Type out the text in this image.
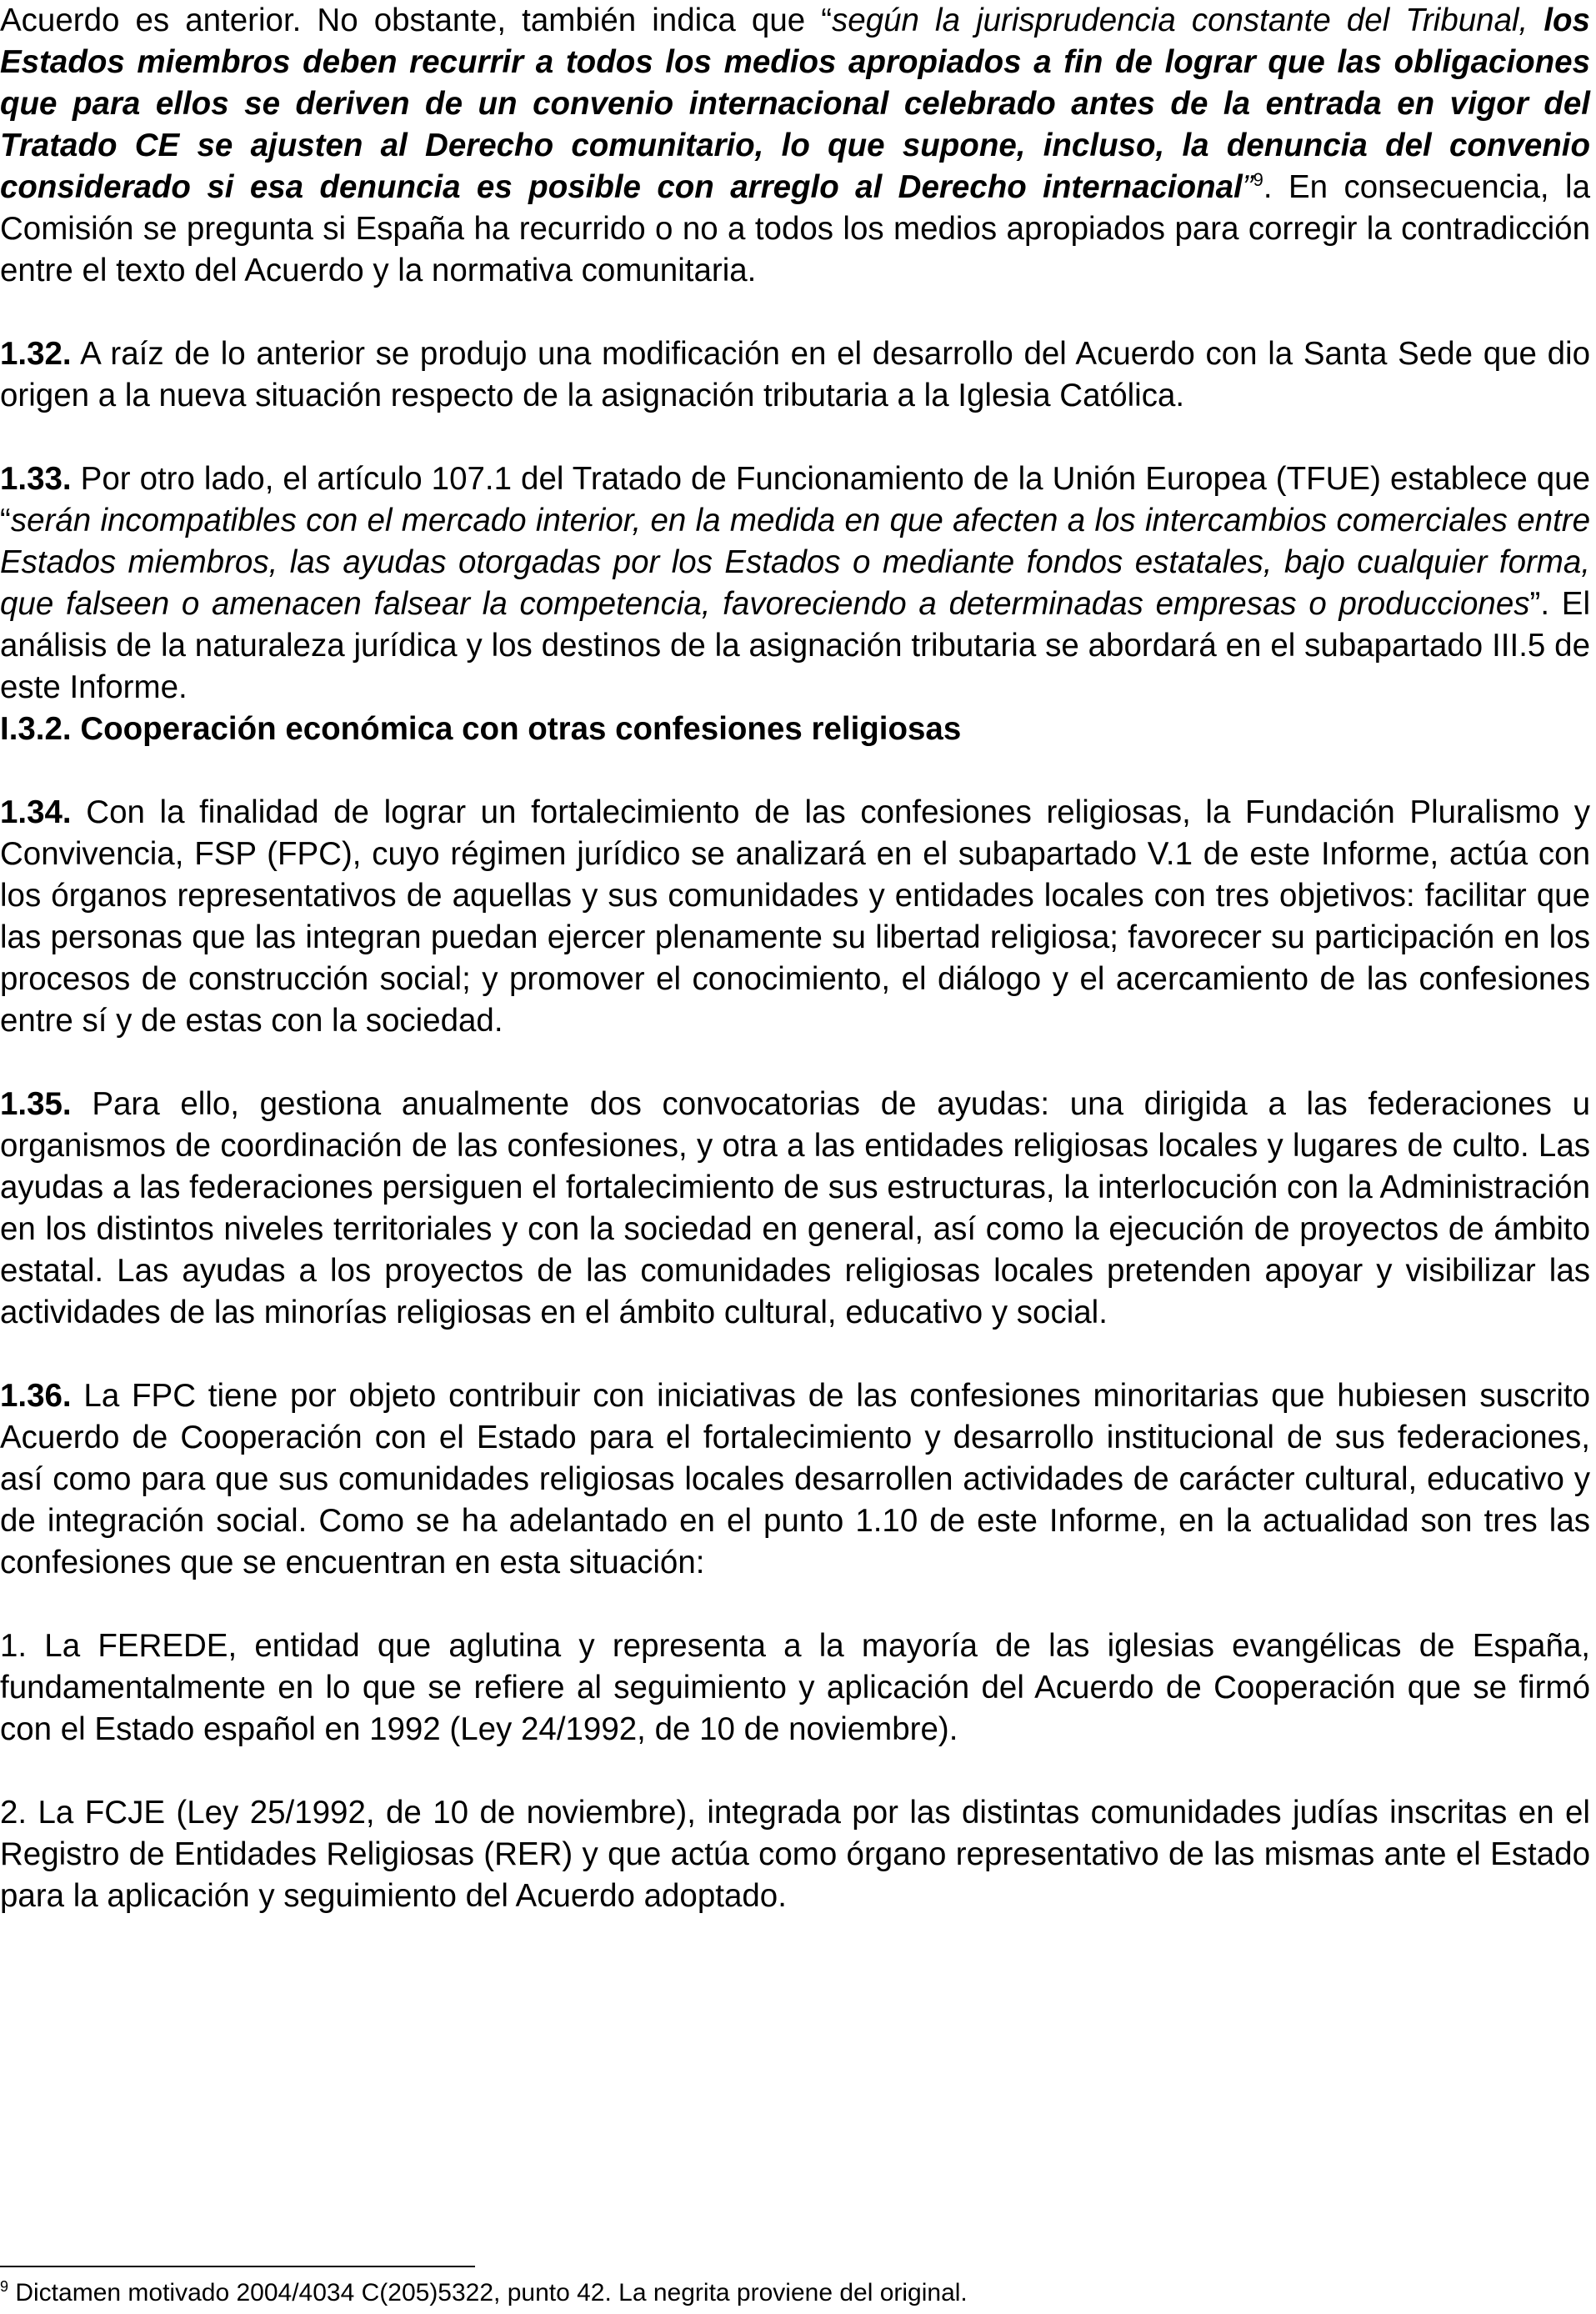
Acuerdo es anterior. No obstante, también indica que “según la jurisprudencia constante del Tribunal, los Estados miembros deben recurrir a todos los medios apropiados a fin de lograr que las obligaciones que para ellos se deriven de un convenio internacional celebrado antes de la entrada en vigor del Tratado CE se ajusten al Derecho comunitario, lo que supone, incluso, la denuncia del convenio considerado si esa denuncia es posible con arreglo al Derecho internacional”$^9$. En consecuencia, la Comisión se pregunta si España ha recurrido o no a todos los medios apropiados para corregir la contradicción entre el texto del Acuerdo y la normativa comunitaria.

1.32. A raíz de lo anterior se produjo una modificación en el desarrollo del Acuerdo con la Santa Sede que dio origen a la nueva situación respecto de la asignación tributaria a la Iglesia Católica.

1.33. Por otro lado, el artículo 107.1 del Tratado de Funcionamiento de la Unión Europea (TFUE) establece que “serán incompatibles con el mercado interior, en la medida en que afecten a los intercambios comerciales entre Estados miembros, las ayudas otorgadas por los Estados o mediante fondos estatales, bajo cualquier forma, que falseen o amenacen falsear la competencia, favoreciendo a determinadas empresas o producciones”. El análisis de la naturaleza jurídica y los destinos de la asignación tributaria se abordará en el subapartado III.5 de este Informe.

I.3.2. Cooperación económica con otras confesiones religiosas

1.34. Con la finalidad de lograr un fortalecimiento de las confesiones religiosas, la Fundación Pluralismo y Convivencia, FSP (FPC), cuyo régimen jurídico se analizará en el subapartado V.1 de este Informe, actúa con los órganos representativos de aquellas y sus comunidades y entidades locales con tres objetivos: facilitar que las personas que las integran puedan ejercer plenamente su libertad religiosa; favorecer su participación en los procesos de construcción social; y promover el conocimiento, el diálogo y el acercamiento de las confesiones entre sí y de estas con la sociedad.

1.35. Para ello, gestiona anualmente dos convocatorias de ayudas: una dirigida a las federaciones u organismos de coordinación de las confesiones, y otra a las entidades religiosas locales y lugares de culto. Las ayudas a las federaciones persiguen el fortalecimiento de sus estructuras, la interlocución con la Administración en los distintos niveles territoriales y con la sociedad en general, así como la ejecución de proyectos de ámbito estatal. Las ayudas a los proyectos de las comunidades religiosas locales pretenden apoyar y visibilizar las actividades de las minorías religiosas en el ámbito cultural, educativo y social.

1.36. La FPC tiene por objeto contribuir con iniciativas de las confesiones minoritarias que hubiesen suscrito Acuerdo de Cooperación con el Estado para el fortalecimiento y desarrollo institucional de sus federaciones, así como para que sus comunidades religiosas locales desarrollen actividades de carácter cultural, educativo y de integración social. Como se ha adelantado en el punto 1.10 de este Informe, en la actualidad son tres las confesiones que se encuentran en esta situación:

1. La FEREDE, entidad que aglutina y representa a la mayoría de las iglesias evangélicas de España, fundamentalmente en lo que se refiere al seguimiento y aplicación del Acuerdo de Cooperación que se firmó con el Estado español en 1992 (Ley 24/1992, de 10 de noviembre).

2. La FCJE (Ley 25/1992, de 10 de noviembre), integrada por las distintas comunidades judías inscritas en el Registro de Entidades Religiosas (RER) y que actúa como órgano representativo de las mismas ante el Estado para la aplicación y seguimiento del Acuerdo adoptado.

$^9$ Dictamen motivado 2004/4034 C(205)5322, punto 42. La negrita proviene del original.
